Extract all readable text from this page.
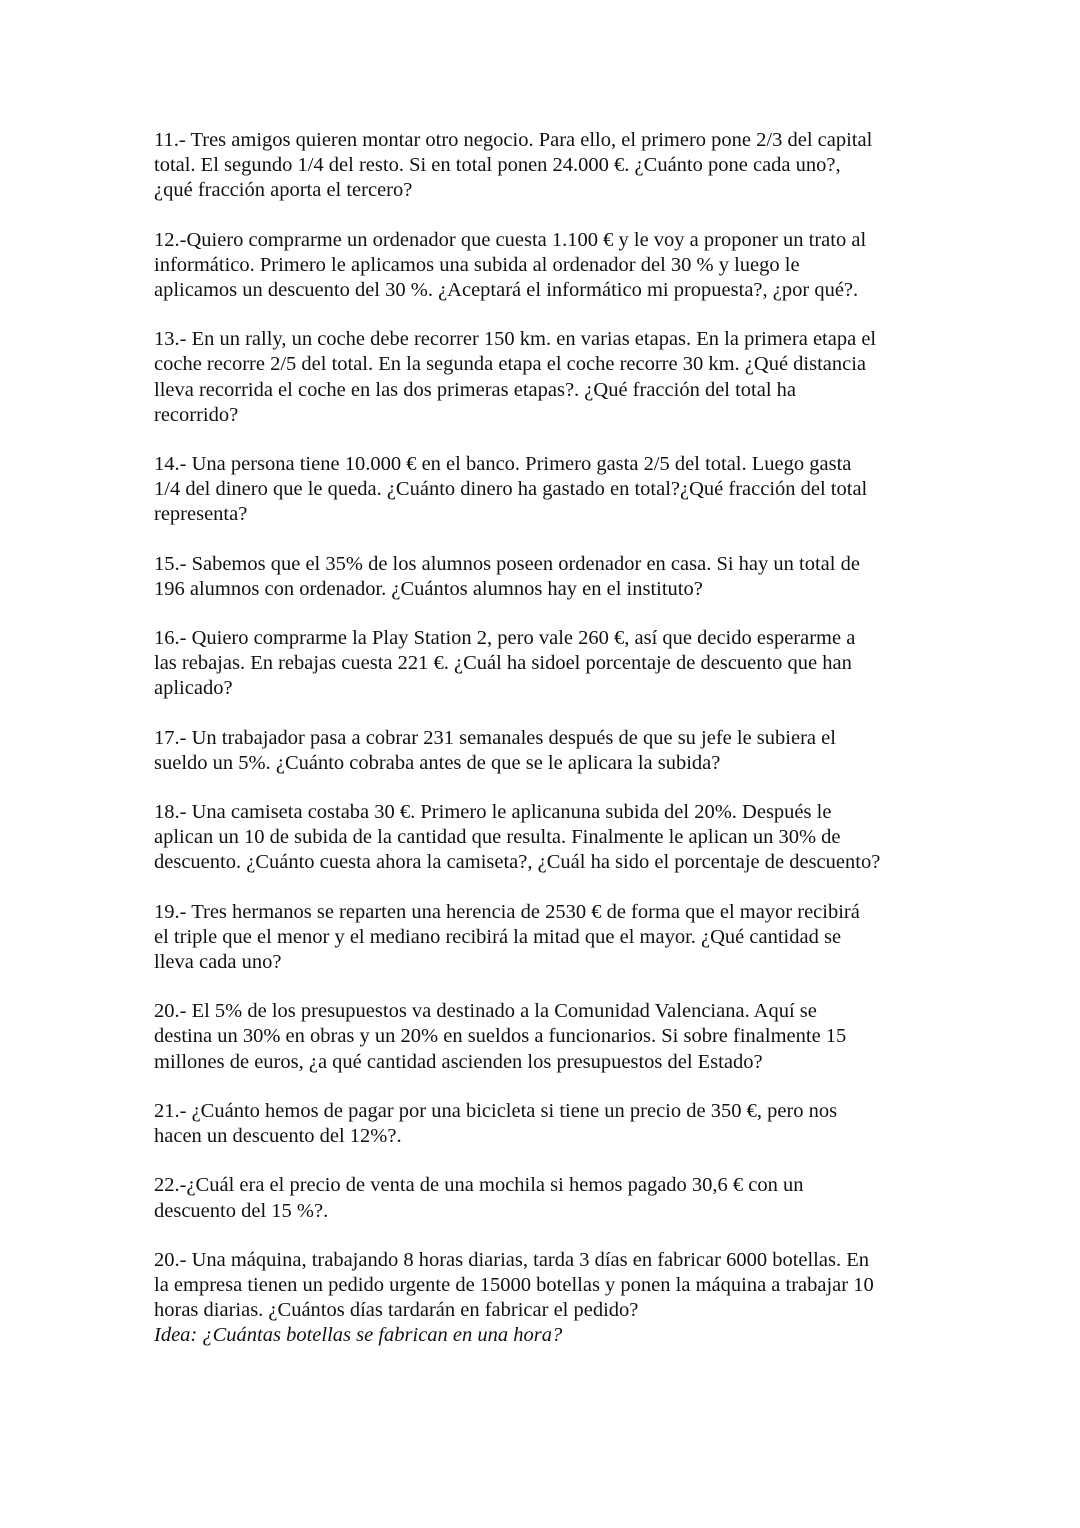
11.- Tres amigos quieren montar otro negocio. Para ello, el primero pone 2/3 del capital
total. El segundo 1/4 del resto. Si en total ponen 24.000 €. ¿Cuánto pone cada uno?,
¿qué fracción aporta el tercero?
12.-Quiero comprarme un ordenador que cuesta 1.100 € y le voy a proponer un trato al
informático. Primero le aplicamos una subida al ordenador del 30 % y luego le
aplicamos un descuento del 30 %. ¿Aceptará el informático mi propuesta?, ¿por qué?.
13.- En un rally, un coche debe recorrer 150 km. en varias etapas. En la primera etapa el
coche recorre 2/5 del total. En la segunda etapa el coche recorre 30 km. ¿Qué distancia
lleva recorrida el coche en las dos primeras etapas?. ¿Qué fracción del total ha
recorrido?
14.- Una persona tiene 10.000 € en el banco. Primero gasta 2/5 del total. Luego gasta
1/4 del dinero que le queda. ¿Cuánto dinero ha gastado en total?¿Qué fracción del total
representa?
15.- Sabemos que el 35% de los alumnos poseen ordenador en casa. Si hay un total de
196 alumnos con ordenador. ¿Cuántos alumnos hay en el instituto?
16.- Quiero comprarme la Play Station 2, pero vale 260 €, así que decido esperarme a
las rebajas. En rebajas cuesta 221 €. ¿Cuál ha sidoel porcentaje de descuento que han
aplicado?
17.- Un trabajador pasa a cobrar 231 semanales después de que su jefe le subiera el
sueldo un 5%. ¿Cuánto cobraba antes de que se le aplicara la subida?
18.- Una camiseta costaba 30 €. Primero le aplicanuna subida del 20%. Después le
aplican un 10 de subida de la cantidad que resulta. Finalmente le aplican un 30% de
descuento. ¿Cuánto cuesta ahora la camiseta?, ¿Cuál ha sido el porcentaje de descuento?
19.- Tres hermanos se reparten una herencia de 2530 € de forma que el mayor recibirá
el triple que el menor y el mediano recibirá la mitad que el mayor. ¿Qué cantidad se
lleva cada uno?
20.- El 5% de los presupuestos va destinado a la Comunidad Valenciana. Aquí se
destina un 30% en obras y un 20% en sueldos a funcionarios. Si sobre finalmente 15
millones de euros, ¿a qué cantidad ascienden los presupuestos del Estado?
21.- ¿Cuánto hemos de pagar por una bicicleta si tiene un precio de 350 €, pero nos
hacen un descuento del 12%?.
22.-¿Cuál era el precio de venta de una mochila si hemos pagado 30,6 € con un
descuento del 15 %?.
20.- Una máquina, trabajando 8 horas diarias, tarda 3 días en fabricar 6000 botellas. En
la empresa tienen un pedido urgente de 15000 botellas y ponen la máquina a trabajar 10
horas diarias. ¿Cuántos días tardarán en fabricar el pedido?
Idea: ¿Cuántas botellas se fabrican en una hora?
